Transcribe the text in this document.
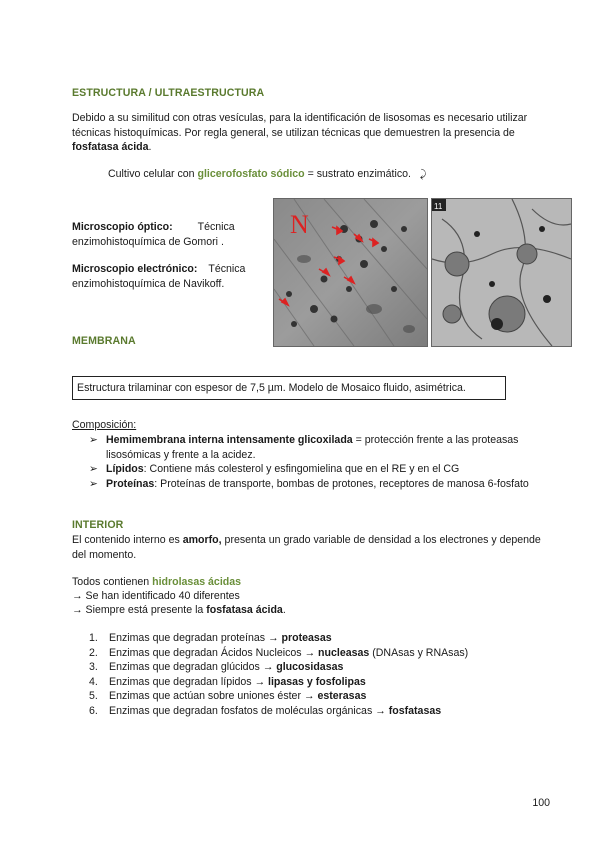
ESTRUCTURA / ULTRAESTRUCTURA
Debido a su similitud con otras vesículas, para la identificación de lisosomas es necesario utilizar técnicas histoquímicas. Por regla general, se utilizan técnicas que demuestren la presencia de fosfatasa ácida.
Cultivo celular con glicerofosfato sódico = sustrato enzimático. ⤸
Microscopio óptico: Técnica enzimohistoquímica de Gomori .
Microscopio electrónico: Técnica enzimohistoquímica de Navikoff.
N
11
MEMBRANA
Estructura trilaminar con espesor de 7,5 µm. Modelo de Mosaico fluido, asimétrica.
Composición:
➢ Hemimembrana interna intensamente glicoxilada = protección frente a las proteasas lisosómicas y frente a la acidez.
➢ Lípidos: Contiene más colesterol y esfingomielina que en el RE y en el CG
➢ Proteínas: Proteínas de transporte, bombas de protones, receptores de manosa 6-fosfato
INTERIOR
El contenido interno es amorfo, presenta un grado variable de densidad a los electrones y depende del momento.
Todos contienen hidrolasas ácidas
→ Se han identificado 40 diferentes
→ Siempre está presente la fosfatasa ácida.
1. Enzimas que degradan proteínas → proteasas
2. Enzimas que degradan Ácidos Nucleicos → nucleasas (DNAsas y RNAsas)
3. Enzimas que degradan glúcidos → glucosidasas
4. Enzimas que degradan lípidos → lipasas y fosfolipas
5. Enzimas que actúan sobre uniones éster → esterasas
6. Enzimas que degradan fosfatos de moléculas orgánicas → fosfatasas
100
